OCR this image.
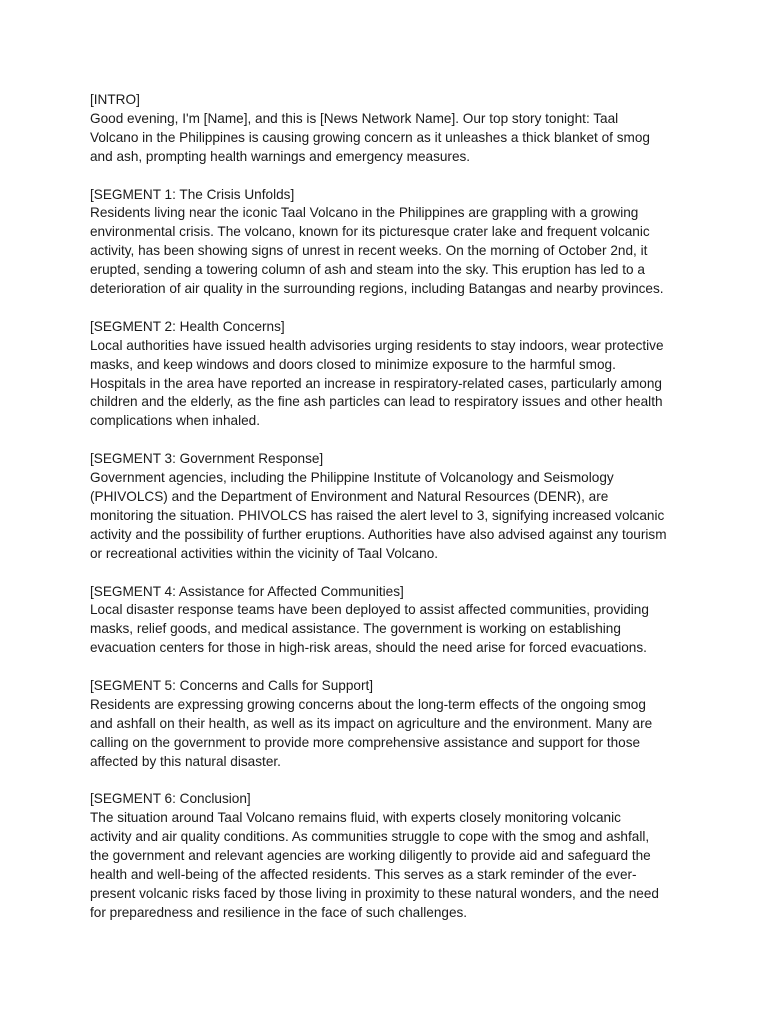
[INTRO]

Good evening, I'm [Name], and this is [News Network Name]. Our top story tonight: Taal

Volcano in the Philippines is causing growing concern as it unleashes a thick blanket of smog

and ash, prompting health warnings and emergency measures.

[SEGMENT 1: The Crisis Unfolds]

Residents living near the iconic Taal Volcano in the Philippines are grappling with a growing

environmental crisis. The volcano, known for its picturesque crater lake and frequent volcanic

activity, has been showing signs of unrest in recent weeks. On the morning of October 2nd, it

erupted, sending a towering column of ash and steam into the sky. This eruption has led to a

deterioration of air quality in the surrounding regions, including Batangas and nearby provinces.

[SEGMENT 2: Health Concerns]

Local authorities have issued health advisories urging residents to stay indoors, wear protective

masks, and keep windows and doors closed to minimize exposure to the harmful smog.

Hospitals in the area have reported an increase in respiratory-related cases, particularly among

children and the elderly, as the fine ash particles can lead to respiratory issues and other health

complications when inhaled.

[SEGMENT 3: Government Response]

Government agencies, including the Philippine Institute of Volcanology and Seismology

(PHIVOLCS) and the Department of Environment and Natural Resources (DENR), are

monitoring the situation. PHIVOLCS has raised the alert level to 3, signifying increased volcanic

activity and the possibility of further eruptions. Authorities have also advised against any tourism

or recreational activities within the vicinity of Taal Volcano.

[SEGMENT 4: Assistance for Affected Communities]

Local disaster response teams have been deployed to assist affected communities, providing

masks, relief goods, and medical assistance. The government is working on establishing

evacuation centers for those in high-risk areas, should the need arise for forced evacuations.

[SEGMENT 5: Concerns and Calls for Support]

Residents are expressing growing concerns about the long-term effects of the ongoing smog

and ashfall on their health, as well as its impact on agriculture and the environment. Many are

calling on the government to provide more comprehensive assistance and support for those

affected by this natural disaster.

[SEGMENT 6: Conclusion]

The situation around Taal Volcano remains fluid, with experts closely monitoring volcanic

activity and air quality conditions. As communities struggle to cope with the smog and ashfall,

the government and relevant agencies are working diligently to provide aid and safeguard the

health and well-being of the affected residents. This serves as a stark reminder of the ever-

present volcanic risks faced by those living in proximity to these natural wonders, and the need

for preparedness and resilience in the face of such challenges.
